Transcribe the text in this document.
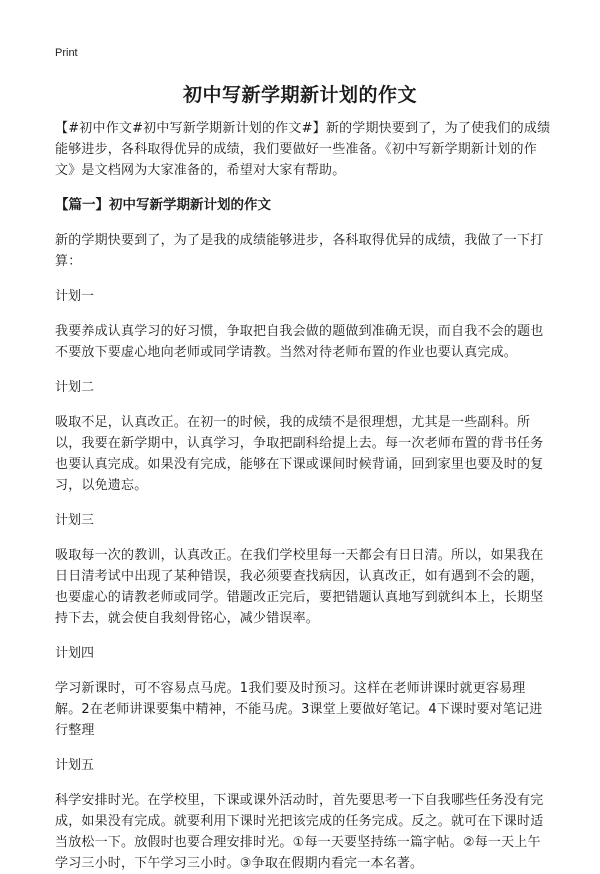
Print
初中写新学期新计划的作文

【#初中作文#初中写新学期新计划的作文#】新的学期快要到了，为了使我们的成绩能够进步，各科取得优异的成绩，我们要做好一些准备。《初中写新学期新计划的作文》是文档网为大家准备的，希望对大家有帮助。

【篇一】初中写新学期新计划的作文

新的学期快要到了，为了是我的成绩能够进步，各科取得优异的成绩，我做了一下打算：

计划一

我要养成认真学习的好习惯，争取把自我会做的题做到准确无误，而自我不会的题也不要放下要虚心地向老师或同学请教。当然对待老师布置的作业也要认真完成。

计划二

吸取不足，认真改正。在初一的时候，我的成绩不是很理想，尤其是一些副科。所以，我要在新学期中，认真学习，争取把副科给提上去。每一次老师布置的背书任务也要认真完成。如果没有完成，能够在下课或课间时候背诵，回到家里也要及时的复习，以免遗忘。

计划三

吸取每一次的教训，认真改正。在我们学校里每一天都会有日日清。所以，如果我在日日清考试中出现了某种错误，我必须要查找病因，认真改正，如有遇到不会的题，也要虚心的请教老师或同学。错题改正完后，要把错题认真地写到就纠本上，长期坚持下去，就会使自我刻骨铭心，减少错误率。

计划四

学习新课时，可不容易点马虎。1我们要及时预习。这样在老师讲课时就更容易理解。2在老师讲课要集中精神，不能马虎。3课堂上要做好笔记。4下课时要对笔记进行整理

计划五

科学安排时光。在学校里，下课或课外活动时，首先要思考一下自我哪些任务没有完成，如果没有完成。就要利用下课时光把该完成的任务完成。反之。就可在下课时适当放松一下。放假时也要合理安排时光。①每一天要坚持练一篇字帖。②每一天上午学习三小时，下午学习三小时。③争取在假期内看完一本名著。
